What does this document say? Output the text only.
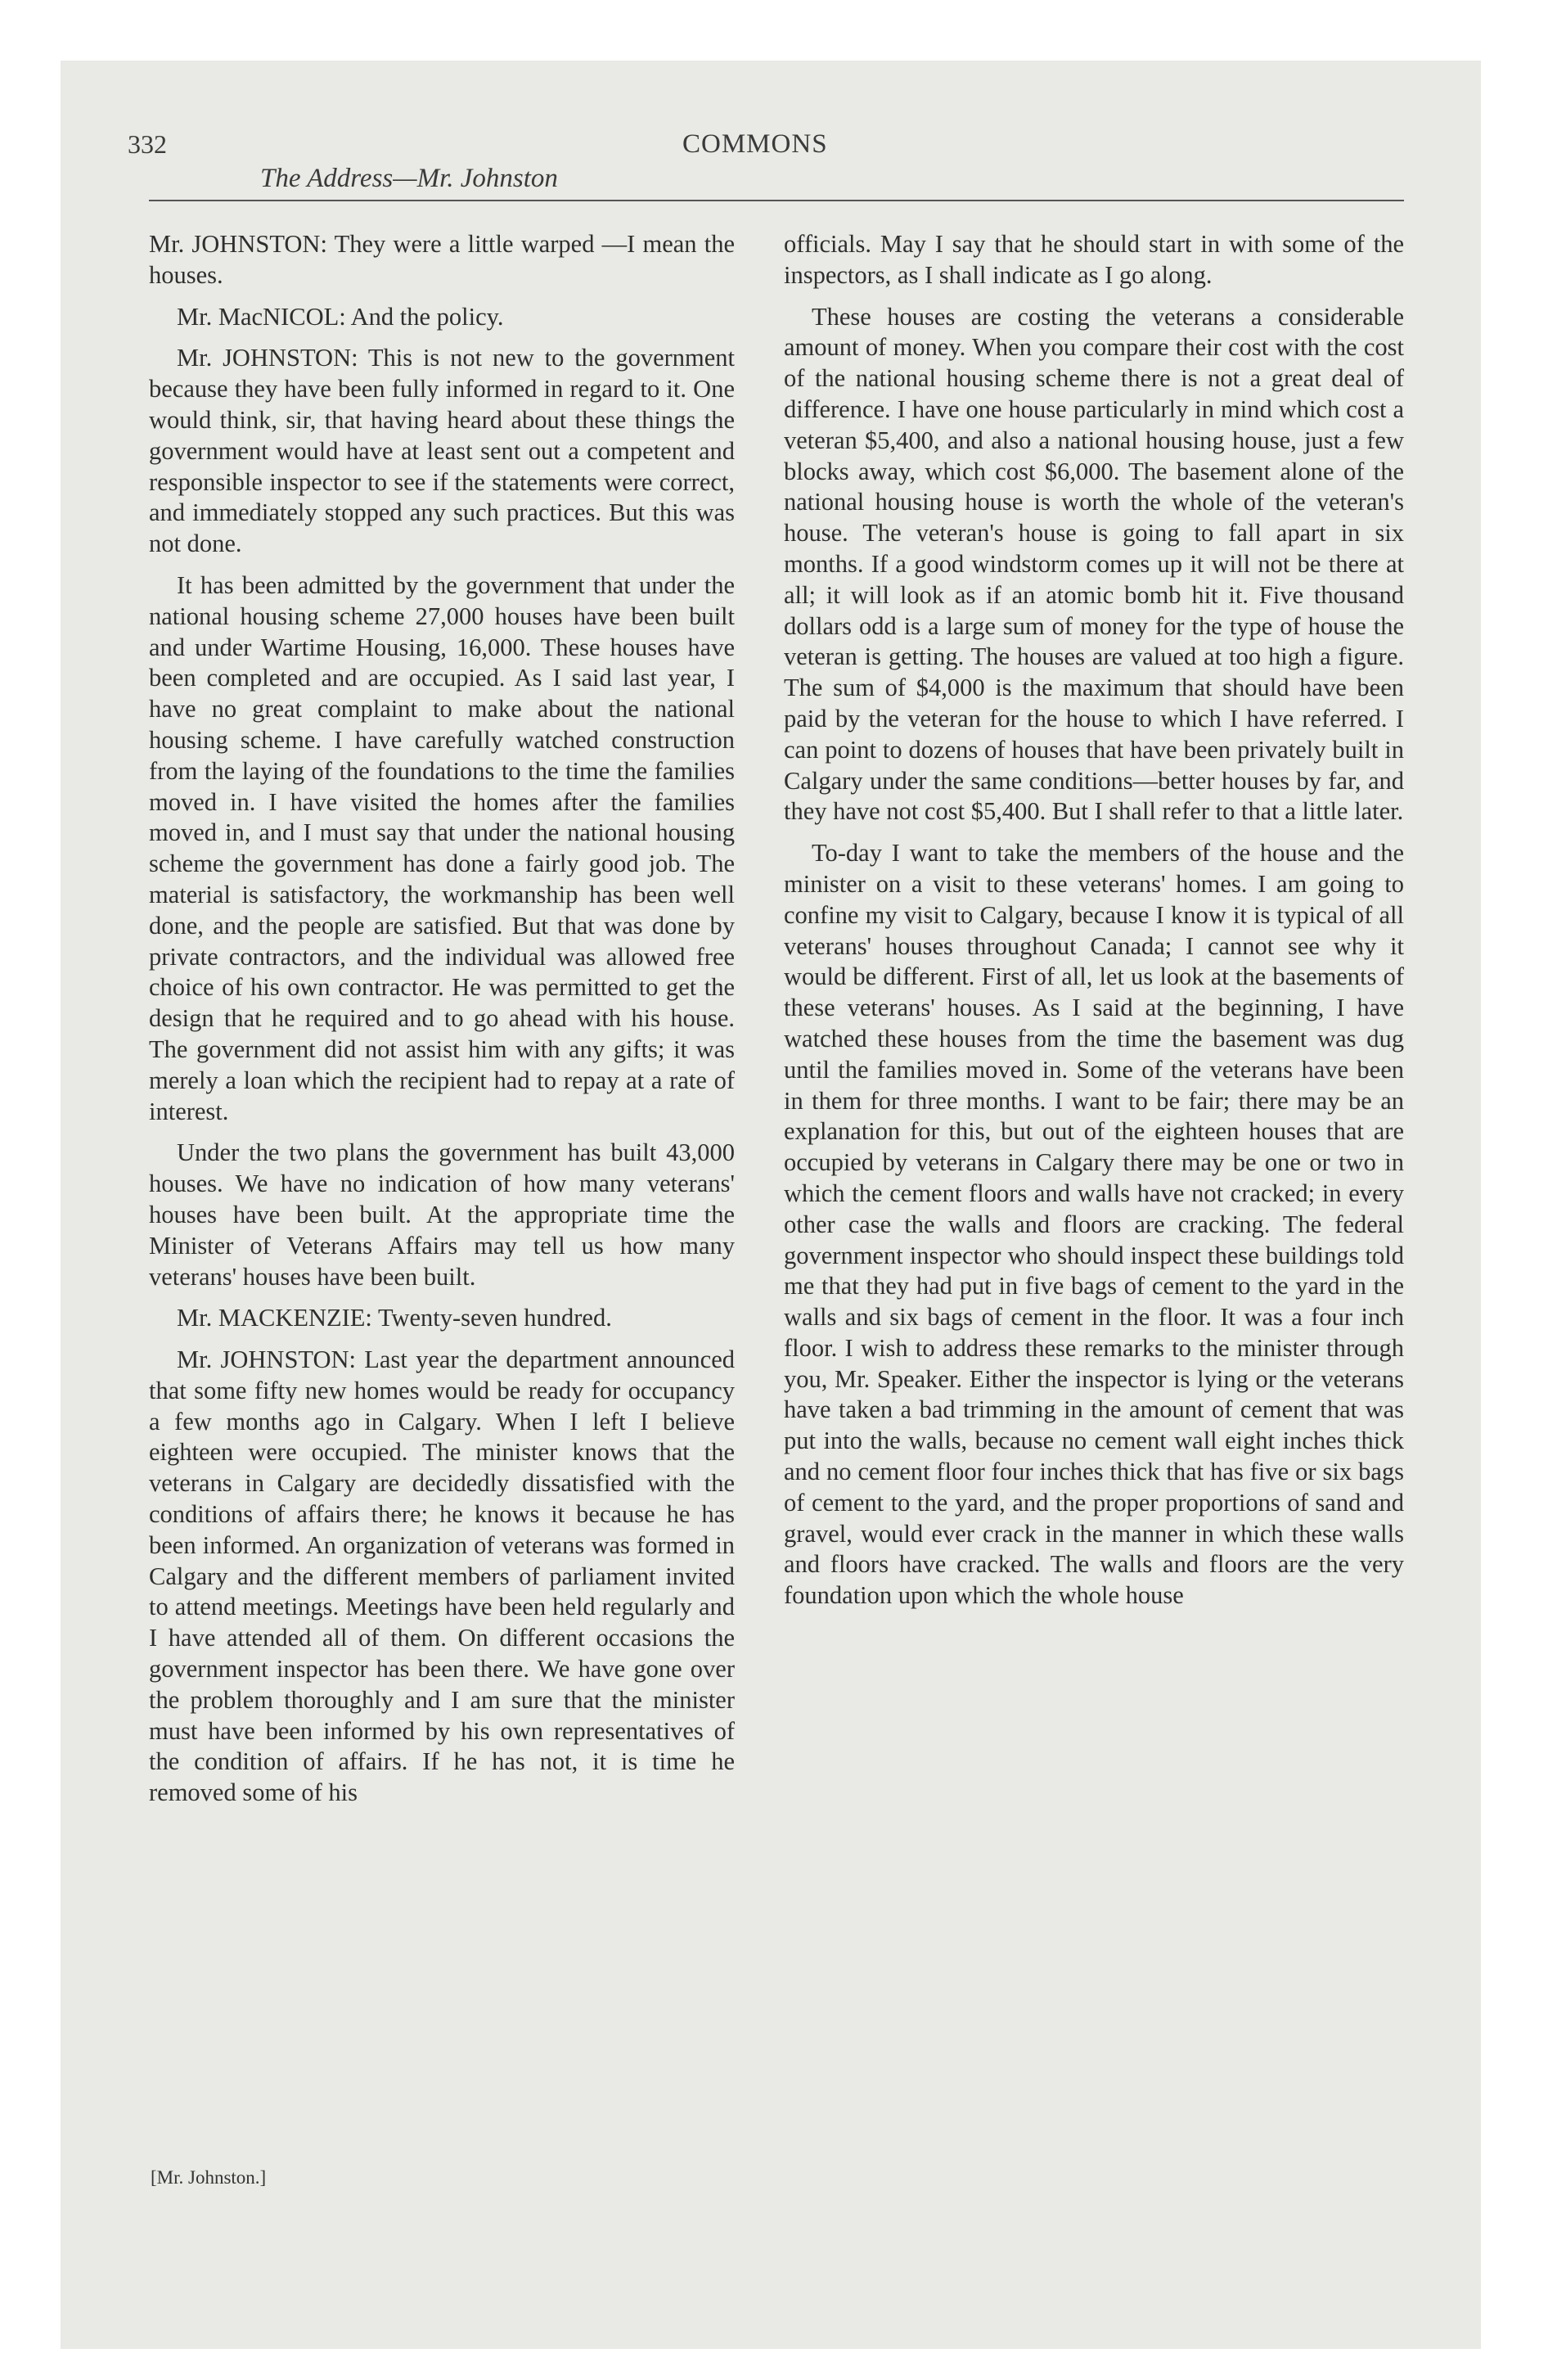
332
The Address—Mr. Johnston
COMMONS

Mr. JOHNSTON: They were a little warped —I mean the houses.

Mr. MacNICOL: And the policy.

Mr. JOHNSTON: This is not new to the government because they have been fully informed in regard to it. One would think, sir, that having heard about these things the government would have at least sent out a competent and responsible inspector to see if the statements were correct, and immediately stopped any such practices. But this was not done.

It has been admitted by the government that under the national housing scheme 27,000 houses have been built and under Wartime Housing, 16,000. These houses have been completed and are occupied. As I said last year, I have no great complaint to make about the national housing scheme. I have carefully watched construction from the laying of the foundations to the time the families moved in. I have visited the homes after the families moved in, and I must say that under the national housing scheme the government has done a fairly good job. The material is satisfactory, the workmanship has been well done, and the people are satisfied. But that was done by private contractors, and the individual was allowed free choice of his own contractor. He was permitted to get the design that he required and to go ahead with his house. The government did not assist him with any gifts; it was merely a loan which the recipient had to repay at a rate of interest.

Under the two plans the government has built 43,000 houses. We have no indication of how many veterans' houses have been built. At the appropriate time the Minister of Veterans Affairs may tell us how many veterans' houses have been built.

Mr. MACKENZIE: Twenty-seven hundred.

Mr. JOHNSTON: Last year the department announced that some fifty new homes would be ready for occupancy a few months ago in Calgary. When I left I believe eighteen were occupied. The minister knows that the veterans in Calgary are decidedly dissatisfied with the conditions of affairs there; he knows it because he has been informed. An organization of veterans was formed in Calgary and the different members of parliament invited to attend meetings. Meetings have been held regularly and I have attended all of them. On different occasions the government inspector has been there. We have gone over the problem thoroughly and I am sure that the minister must have been informed by his own representatives of the condition of affairs. If he has not, it is time he removed some of his

[Mr. Johnston.]

officials. May I say that he should start in with some of the inspectors, as I shall indicate as I go along.

These houses are costing the veterans a considerable amount of money. When you compare their cost with the cost of the national housing scheme there is not a great deal of difference. I have one house particularly in mind which cost a veteran $5,400, and also a national housing house, just a few blocks away, which cost $6,000. The basement alone of the national housing house is worth the whole of the veteran's house. The veteran's house is going to fall apart in six months. If a good windstorm comes up it will not be there at all; it will look as if an atomic bomb hit it. Five thousand dollars odd is a large sum of money for the type of house the veteran is getting. The houses are valued at too high a figure. The sum of $4,000 is the maximum that should have been paid by the veteran for the house to which I have referred. I can point to dozens of houses that have been privately built in Calgary under the same conditions—better houses by far, and they have not cost $5,400. But I shall refer to that a little later.

To-day I want to take the members of the house and the minister on a visit to these veterans' homes. I am going to confine my visit to Calgary, because I know it is typical of all veterans' houses throughout Canada; I cannot see why it would be different. First of all, let us look at the basements of these veterans' houses. As I said at the beginning, I have watched these houses from the time the basement was dug until the families moved in. Some of the veterans have been in them for three months. I want to be fair; there may be an explanation for this, but out of the eighteen houses that are occupied by veterans in Calgary there may be one or two in which the cement floors and walls have not cracked; in every other case the walls and floors are cracking. The federal government inspector who should inspect these buildings told me that they had put in five bags of cement to the yard in the walls and six bags of cement in the floor. It was a four inch floor. I wish to address these remarks to the minister through you, Mr. Speaker. Either the inspector is lying or the veterans have taken a bad trimming in the amount of cement that was put into the walls, because no cement wall eight inches thick and no cement floor four inches thick that has five or six bags of cement to the yard, and the proper proportions of sand and gravel, would ever crack in the manner in which these walls and floors have cracked. The walls and floors are the very foundation upon which the whole house
